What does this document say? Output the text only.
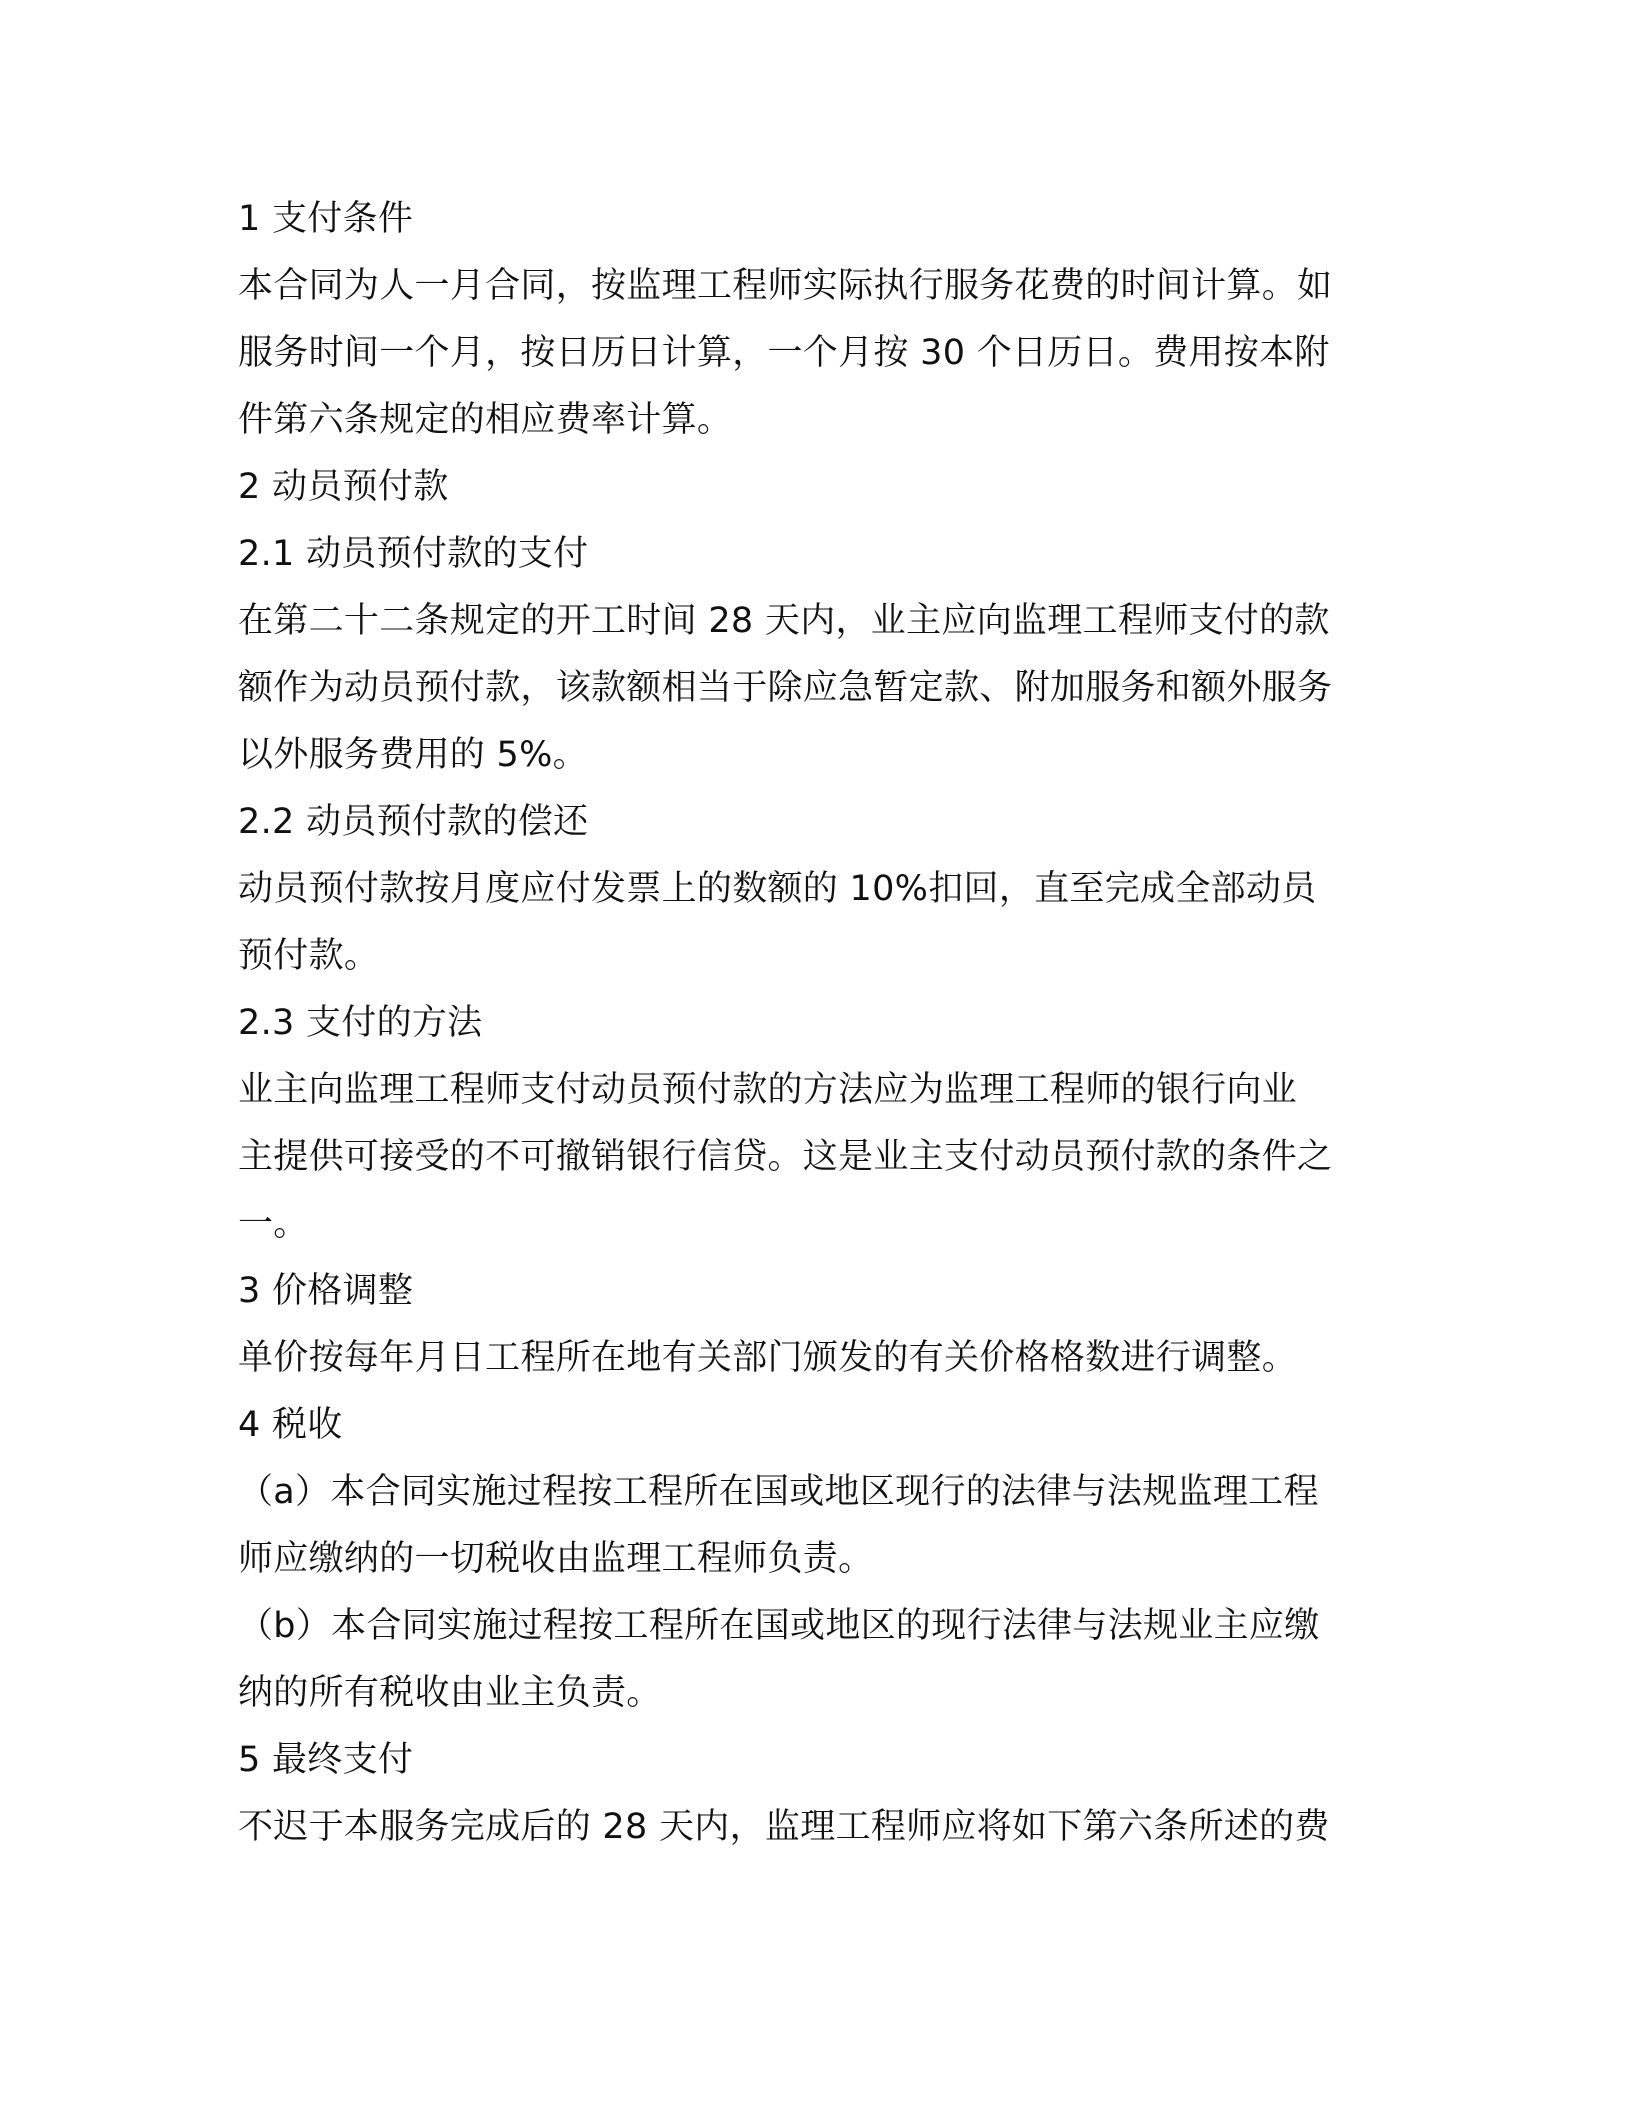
1 支付条件
本合同为人一月合同，按监理工程师实际执行服务花费的时间计算。如
服务时间一个月，按日历日计算，一个月按 30 个日历日。费用按本附
件第六条规定的相应费率计算。
2 动员预付款
2.1 动员预付款的支付
在第二十二条规定的开工时间 28 天内，业主应向监理工程师支付的款
额作为动员预付款，该款额相当于除应急暂定款、附加服务和额外服务
以外服务费用的 5%。
2.2 动员预付款的偿还
动员预付款按月度应付发票上的数额的 10%扣回，直至完成全部动员
预付款。
2.3 支付的方法
业主向监理工程师支付动员预付款的方法应为监理工程师的银行向业
主提供可接受的不可撤销银行信贷。这是业主支付动员预付款的条件之
一。
3 价格调整
单价按每年月日工程所在地有关部门颁发的有关价格格数进行调整。
4 税收
（a）本合同实施过程按工程所在国或地区现行的法律与法规监理工程
师应缴纳的一切税收由监理工程师负责。
（b）本合同实施过程按工程所在国或地区的现行法律与法规业主应缴
纳的所有税收由业主负责。
5 最终支付
不迟于本服务完成后的 28 天内，监理工程师应将如下第六条所述的费
